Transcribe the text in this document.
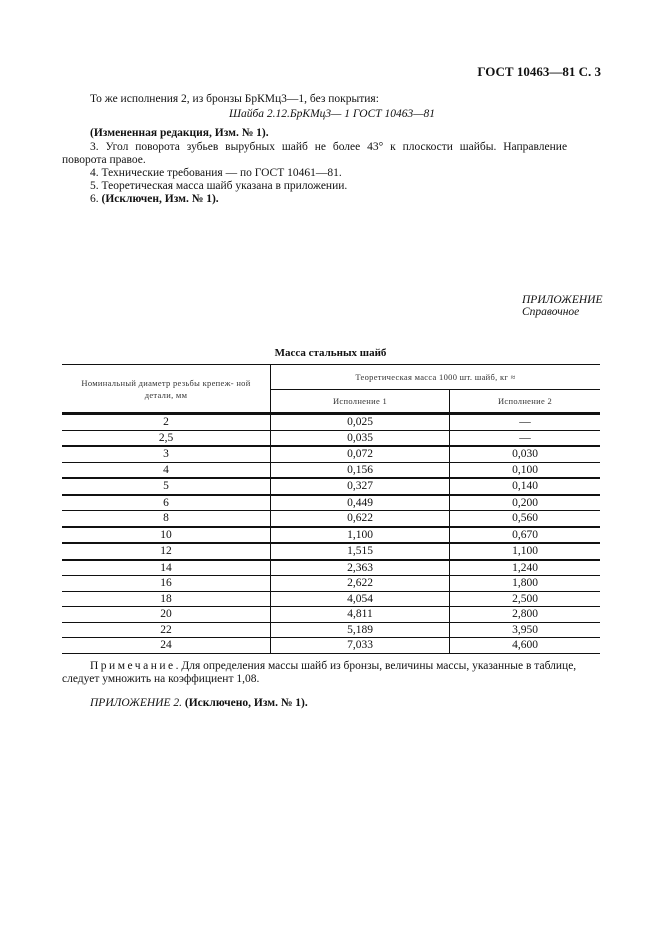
ГОСТ 10463—81 С. 3
То же исполнения 2, из бронзы БрКМц3—1, без покрытия:
Шайба 2.12.БрКМц3— 1 ГОСТ 10463—81
(Измененная редакция, Изм. № 1).
3. Угол поворота зубьев вырубных шайб не более 43° к плоскости шайбы. Направление
поворота правое.
4. Технические требования — по ГОСТ 10461—81.
5. Теоретическая масса шайб указана в приложении.
6. (Исключен, Изм. № 1).
ПРИЛОЖЕНИЕ
Справочное
Масса стальных шайб
Номинальный диаметр резьбы крепеж- ной детали, мм	Теоретическая масса 1000 шт. шайб, кг ≈	
	Исполнение 1	Исполнение 2
2	0,025	—
2,5	0,035	—
3	0,072	0,030
4	0,156	0,100
5	0,327	0,140
6	0,449	0,200
8	0,622	0,560
10	1,100	0,670
12	1,515	1,100
14	2,363	1,240
16	2,622	1,800
18	4,054	2,500
20	4,811	2,800
22	5,189	3,950
24	7,033	4,600
Примечание. Для определения массы шайб из бронзы, величины массы, указанные в таблице,
следует умножить на коэффициент 1,08.
ПРИЛОЖЕНИЕ 2. (Исключено, Изм. № 1).
